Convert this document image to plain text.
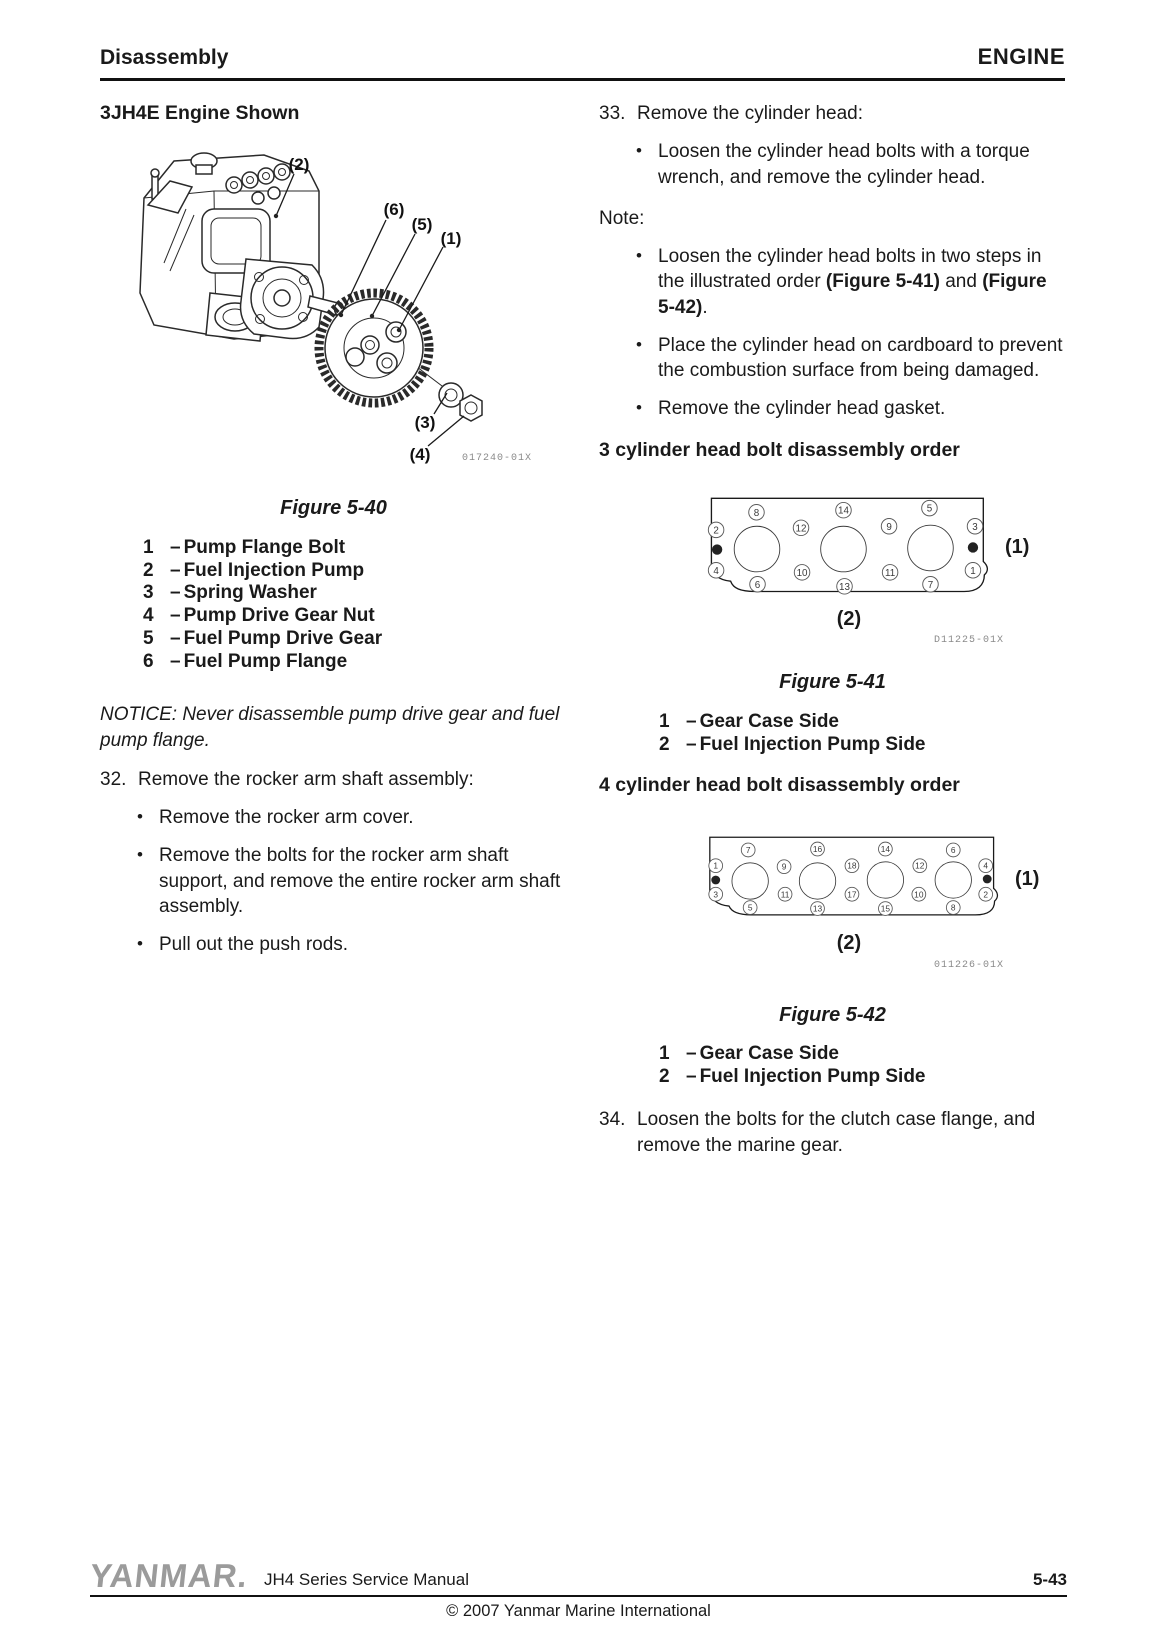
Disassembly	ENGINE
3JH4E Engine Shown
(2)
(6)
(5)
(1)
(3)
(4)	017240-01X
Figure 5-40
1 – Pump Flange Bolt
2 – Fuel Injection Pump
3 – Spring Washer
4 – Pump Drive Gear Nut
5 – Fuel Pump Drive Gear
6 – Fuel Pump Flange

NOTICE: Never disassemble pump drive gear and fuel pump flange.

32. Remove the rocker arm shaft assembly:
• Remove the rocker arm cover.
• Remove the bolts for the rocker arm shaft support, and remove the entire rocker arm shaft assembly.
• Pull out the push rods.
33. Remove the cylinder head:
• Loosen the cylinder head bolts with a torque wrench, and remove the cylinder head.

Note:

• Loosen the cylinder head bolts in two steps in the illustrated order (Figure 5-41) and (Figure 5-42).
• Place the cylinder head on cardboard to prevent the combustion surface from being damaged.
• Remove the cylinder head gasket.
3 cylinder head bolt disassembly order
8	14	5
2	12	9	3
4	10	11	1
6	13	7
(1)
(2)
D11225-01X
Figure 5-41
1 – Gear Case Side
2 – Fuel Injection Pump Side
4 cylinder head bolt disassembly order
7	16	14	6
1	9	18	12	4
3	11	17	10	2
5	13	15	8
(1)
(2)
011226-01X
Figure 5-42
1 – Gear Case Side
2 – Fuel Injection Pump Side
34. Loosen the bolts for the clutch case flange, and remove the marine gear.
YANMAR. JH4 Series Service Manual	5-43
© 2007 Yanmar Marine International
